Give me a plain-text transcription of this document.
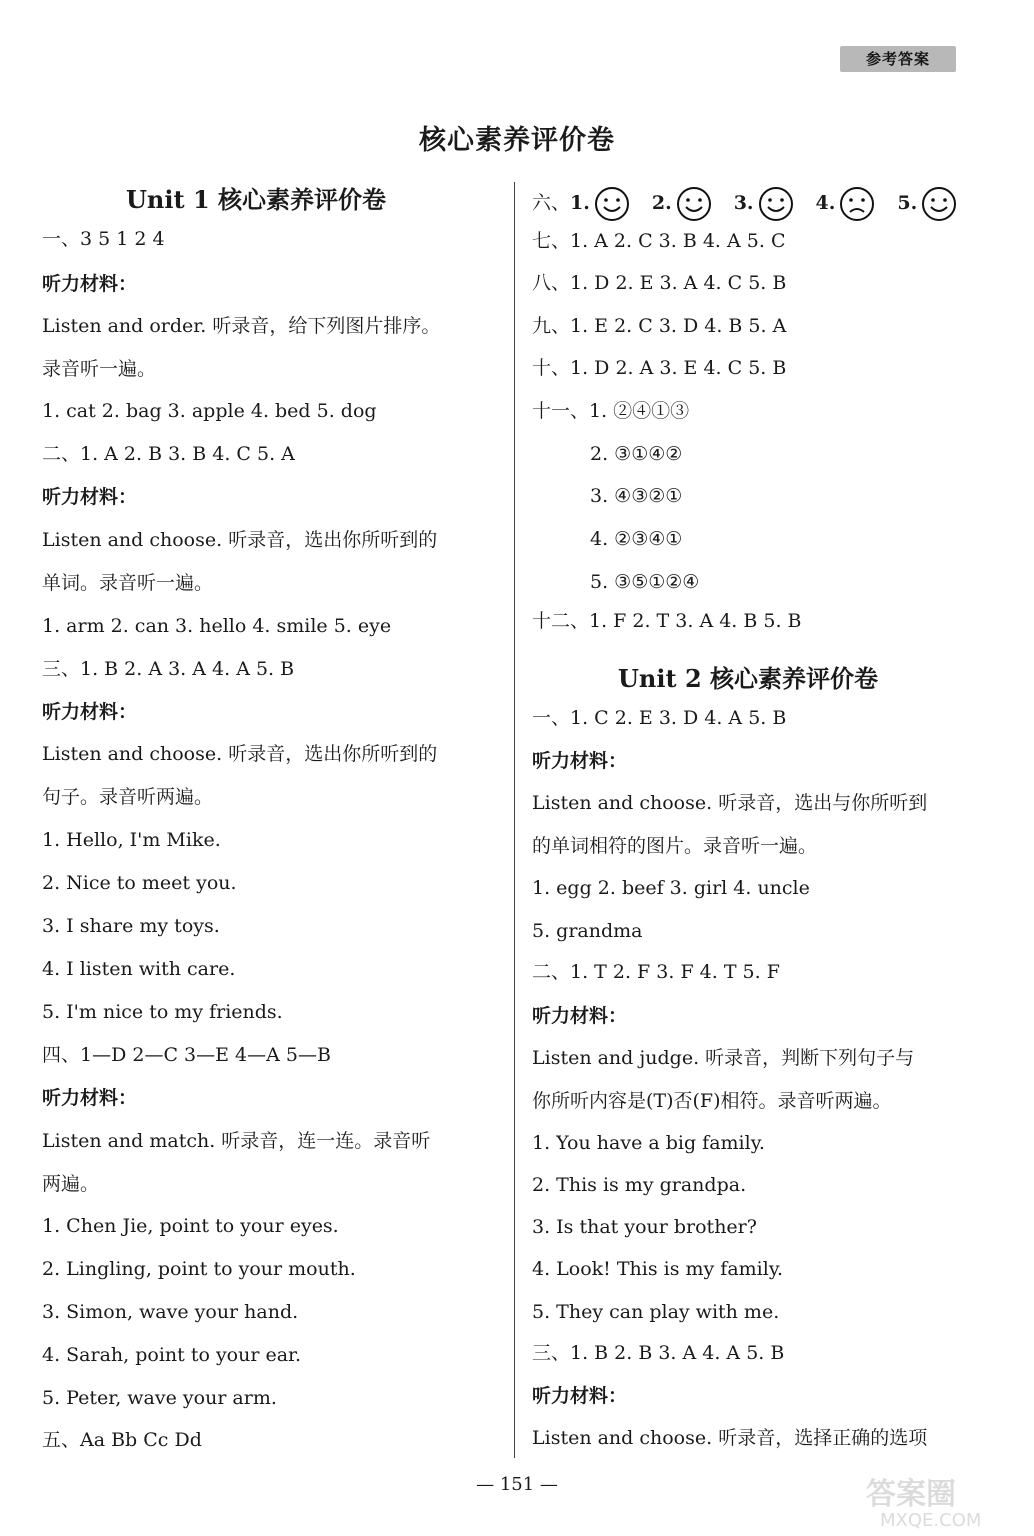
参考答案
核心素养评价卷
Unit 1 核心素养评价卷
一、3 5 1 2 4
听力材料：
Listen and order. 听录音，给下列图片排序。
录音听一遍。
1. cat 2. bag 3. apple 4. bed 5. dog
二、1. A 2. B 3. B 4. C 5. A
听力材料：
Listen and choose. 听录音，选出你所听到的
单词。录音听一遍。
1. arm 2. can 3. hello 4. smile 5. eye
三、1. B 2. A 3. A 4. A 5. B
听力材料：
Listen and choose. 听录音，选出你所听到的
句子。录音听两遍。
1. Hello, I'm Mike.
2. Nice to meet you.
3. I share my toys.
4. I listen with care.
5. I'm nice to my friends.
四、1—D 2—C 3—E 4—A 5—B
听力材料：
Listen and match. 听录音，连一连。录音听
两遍。
1. Chen Jie, point to your eyes.
2. Lingling, point to your mouth.
3. Simon, wave your hand.
4. Sarah, point to your ear.
5. Peter, wave your arm.
五、Aa Bb Cc Dd
六、1.	2.	3.	4.	5.
七、1. A 2. C 3. B 4. A 5. C
八、1. D 2. E 3. A 4. C 5. B
九、1. E 2. C 3. D 4. B 5. A
十、1. D 2. A 3. E 4. C 5. B
十一、1. ②④①③
2. ③①④②
3. ④③②①
4. ②③④①
5. ③⑤①②④
十二、1. F 2. T 3. A 4. B 5. B
Unit 2 核心素养评价卷
一、1. C 2. E 3. D 4. A 5. B
听力材料：
Listen and choose. 听录音，选出与你所听到
的单词相符的图片。录音听一遍。
1. egg 2. beef 3. girl 4. uncle
5. grandma
二、1. T 2. F 3. F 4. T 5. F
听力材料：
Listen and judge. 听录音，判断下列句子与
你所听内容是(T)否(F)相符。录音听两遍。
1. You have a big family.
2. This is my grandpa.
3. Is that your brother?
4. Look! This is my family.
5. They can play with me.
三、1. B 2. B 3. A 4. A 5. B
听力材料：
Listen and choose. 听录音，选择正确的选项
— 151 —	答案圈
MXQE.COM
